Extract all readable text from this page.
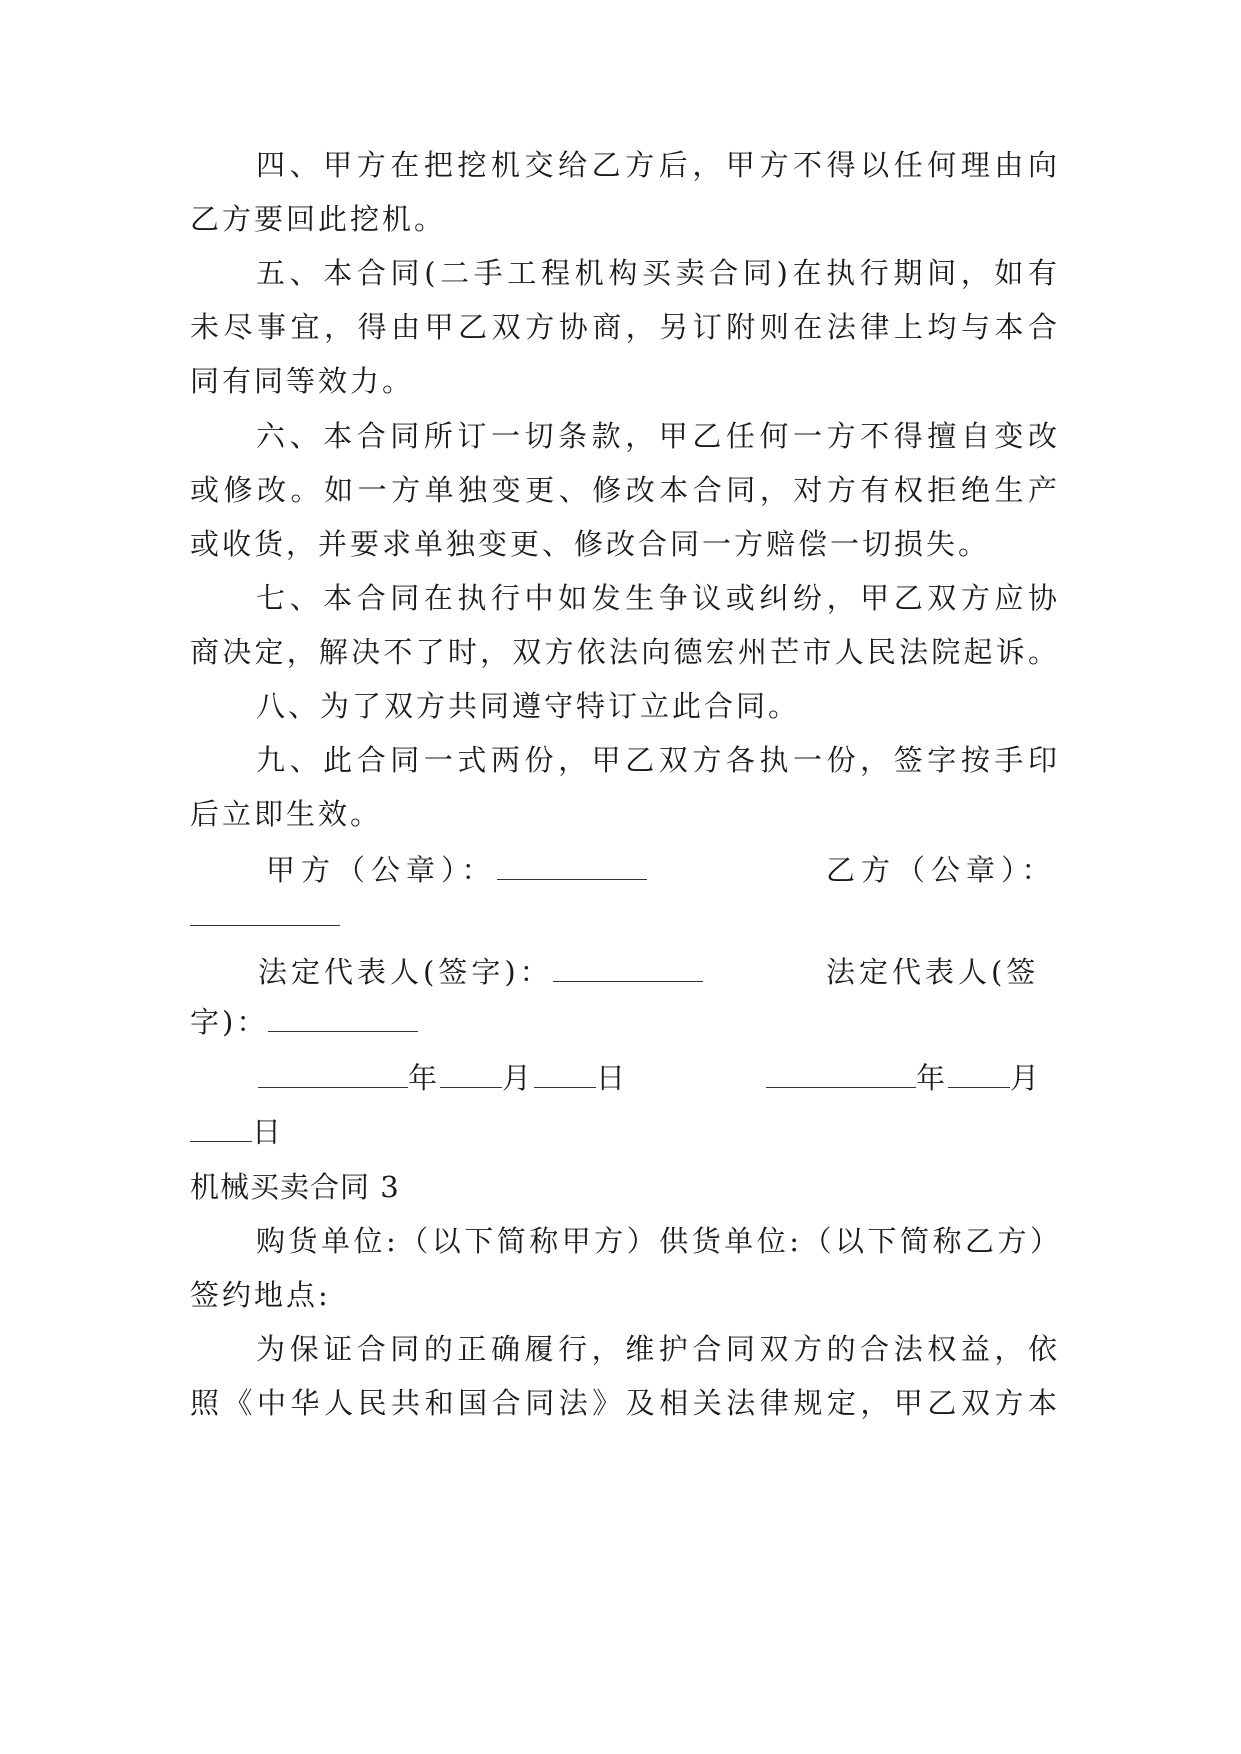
四、甲方在把挖机交给乙方后，甲方不得以任何理由向
乙方要回此挖机。
五、本合同(二手工程机构买卖合同)在执行期间，如有
未尽事宜，得由甲乙双方协商，另订附则在法律上均与本合
同有同等效力。
六、本合同所订一切条款，甲乙任何一方不得擅自变改
或修改。如一方单独变更、修改本合同，对方有权拒绝生产
或收货，并要求单独变更、修改合同一方赔偿一切损失。
七、本合同在执行中如发生争议或纠纷，甲乙双方应协
商决定，解决不了时，双方依法向德宏州芒市人民法院起诉。
八、为了双方共同遵守特订立此合同。
九、此合同一式两份，甲乙双方各执一份，签字按手印
后立即生效。
甲方（公章）：	乙方（公章）：
法定代表人(签字)：	法定代表人(签
字)：
年 月 日	年 月
日
机械买卖合同 3
购货单位:（以下简称甲方）供货单位:（以下简称乙方）
签约地点:
为保证合同的正确履行，维护合同双方的合法权益，依
照《中华人民共和国合同法》及相关法律规定，甲乙双方本
